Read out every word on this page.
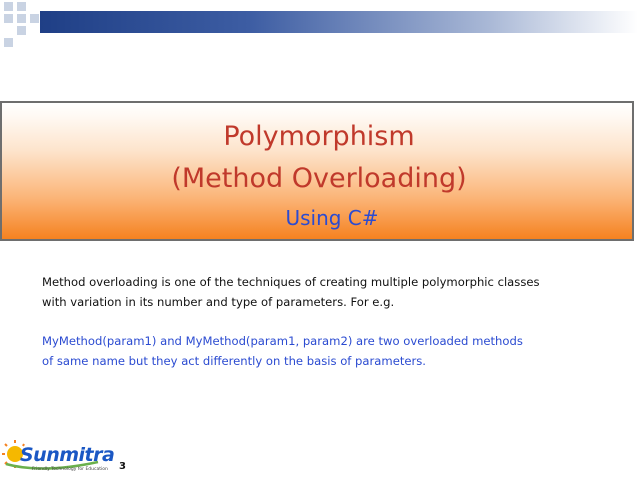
Polymorphism
(Method Overloading)
Using C#
Method overloading is one of the techniques of creating multiple polymorphic classes
with variation in its number and type of parameters. For e.g.
MyMethod(param1) and MyMethod(param1, param2) are two overloaded methods
of same name but they act differently on the basis of parameters.
Sunmitra
Friendly Technology for Education 3
